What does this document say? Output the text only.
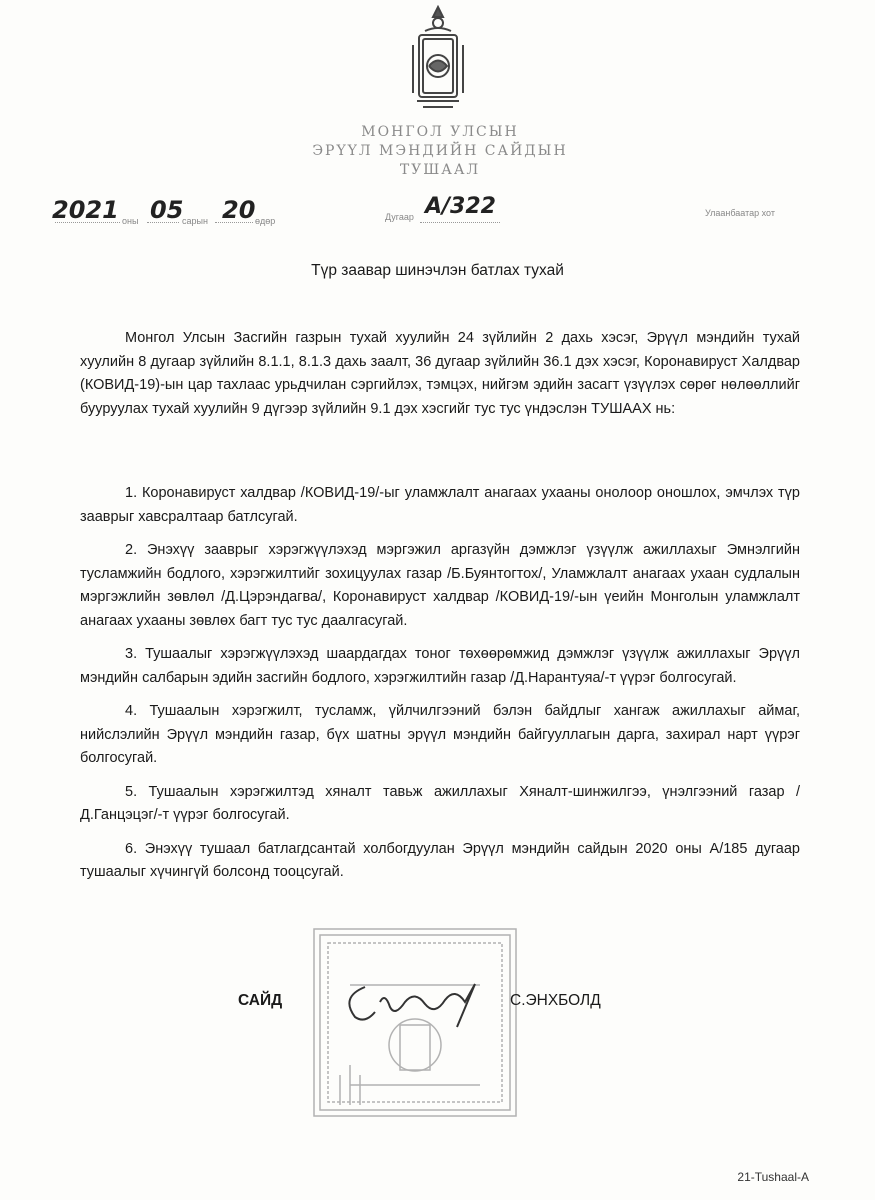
МОНГОЛ УЛСЫН
ЭРҮҮЛ МЭНДИЙН САЙДЫН
ТУШААЛ
2021 оны 05
сарын 20 өдөр	Дугаар А/322	Улаанбаатар хот
Түр заавар шинэчлэн батлах тухай
Монгол Улсын Засгийн газрын тухай хуулийн 24 зүйлийн 2 дахь хэсэг, Эрүүл мэндийн тухай хуулийн 8 дугаар зүйлийн 8.1.1, 8.1.3 дахь заалт, 36 дугаар зүйлийн 36.1 дэх хэсэг, Коронавируст Халдвар (КОВИД-19)-ын цар тахлаас урьдчилан сэргийлэх, тэмцэх, нийгэм эдийн засагт үзүүлэх сөрөг нөлөөллийг бууруулах тухай хуулийн 9 дүгээр зүйлийн 9.1 дэх хэсгийг тус тус үндэслэн ТУШААХ нь:

1. Коронавируст халдвар /КОВИД-19/-ыг уламжлалт анагаах ухааны онолоор оношлох, эмчлэх түр зааврыг хавсралтаар батлсугай.

2. Энэхүү зааврыг хэрэгжүүлэхэд мэргэжил аргазүйн дэмжлэг үзүүлж ажиллахыг Эмнэлгийн тусламжийн бодлого, хэрэгжилтийг зохицуулах газар /Б.Буянтогтох/, Уламжлалт анагаах ухаан судлалын мэргэжлийн зөвлөл /Д.Цэрэндагва/, Коронавируст халдвар /КОВИД-19/-ын үеийн Монголын уламжлалт анагаах ухааны зөвлөх багт тус тус даалгасугай.

3. Тушаалыг хэрэгжүүлэхэд шаардагдах тоног төхөөрөмжид дэмжлэг үзүүлж ажиллахыг Эрүүл мэндийн салбарын эдийн засгийн бодлого, хэрэгжилтийн газар /Д.Нарантуяа/-т үүрэг болгосугай.

4. Тушаалын хэрэгжилт, тусламж, үйлчилгээний бэлэн байдлыг хангаж ажиллахыг аймаг, нийслэлийн Эрүүл мэндийн газар, бүх шатны эрүүл мэндийн байгууллагын дарга, захирал нарт үүрэг болгосугай.

5. Тушаалын хэрэгжилтэд хяналт тавьж ажиллахыг Хяналт-шинжилгээ, үнэлгээний газар /Д.Ганцэцэг/-т үүрэг болгосугай.

6. Энэхүү тушаал батлагдсантай холбогдуулан Эрүүл мэндийн сайдын 2020 оны А/185 дугаар тушаалыг хүчингүй болсонд тооцсугай.

САЙД	С.ЭНХБОЛД
21-Tushaal-A
